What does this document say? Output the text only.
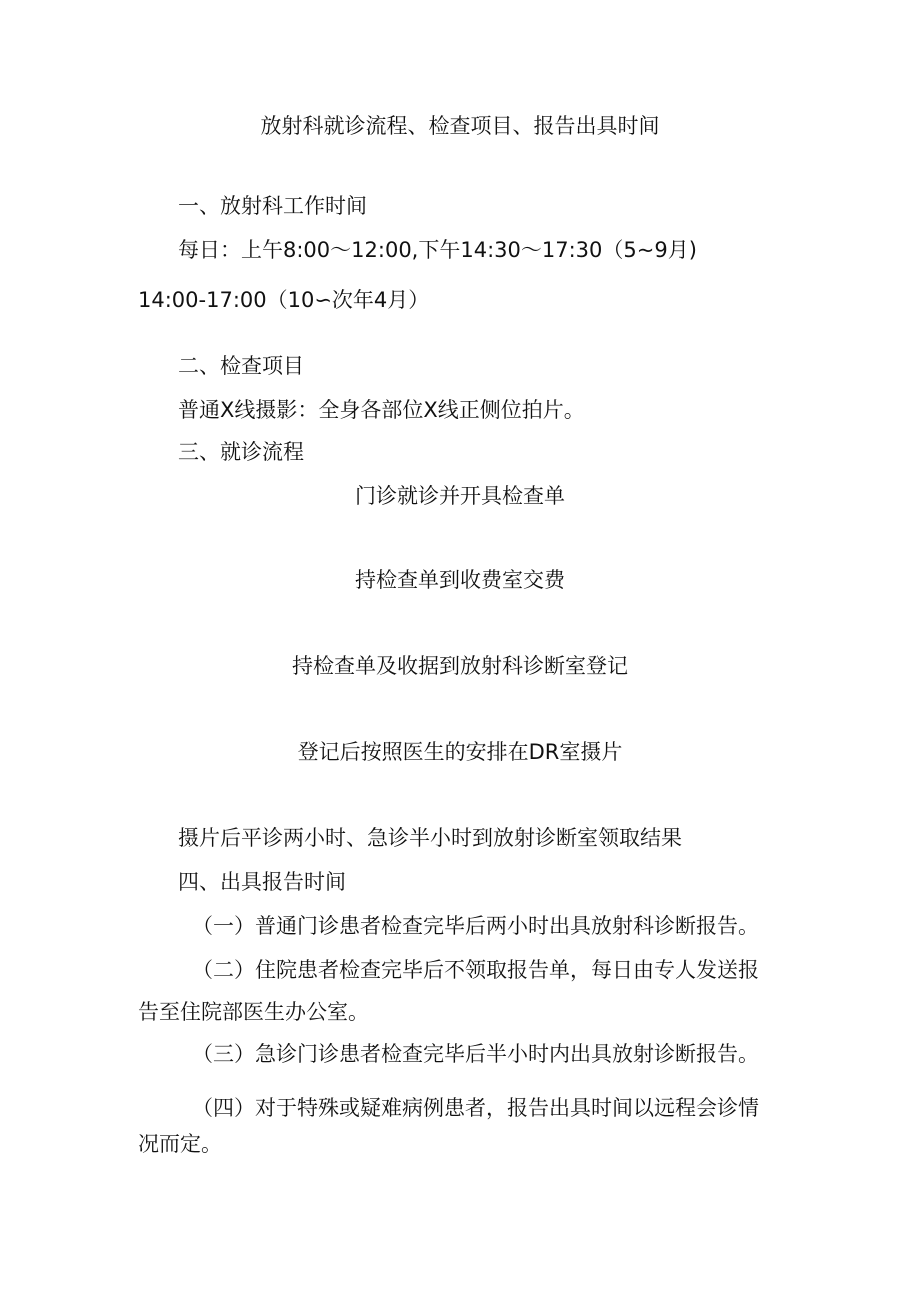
放射科就诊流程、检查项目、报告出具时间
一、放射科工作时间
每日：上午8:00～12:00,下午14:30～17:30（5~9月)
14:00-17:00（10∽次年4月）
二、检查项目
普通X线摄影：全身各部位X线正侧位拍片。
三、就诊流程
门诊就诊并开具检查单
持检查单到收费室交费
持检查单及收据到放射科诊断室登记
登记后按照医生的安排在DR室摄片
摄片后平诊两小时、急诊半小时到放射诊断室领取结果
四、出具报告时间
（一）普通门诊患者检查完毕后两小时出具放射科诊断报告。
（二）住院患者检查完毕后不领取报告单，每日由专人发送报
告至住院部医生办公室。
（三）急诊门诊患者检查完毕后半小时内出具放射诊断报告。
（四）对于特殊或疑难病例患者，报告出具时间以远程会诊情
况而定。
